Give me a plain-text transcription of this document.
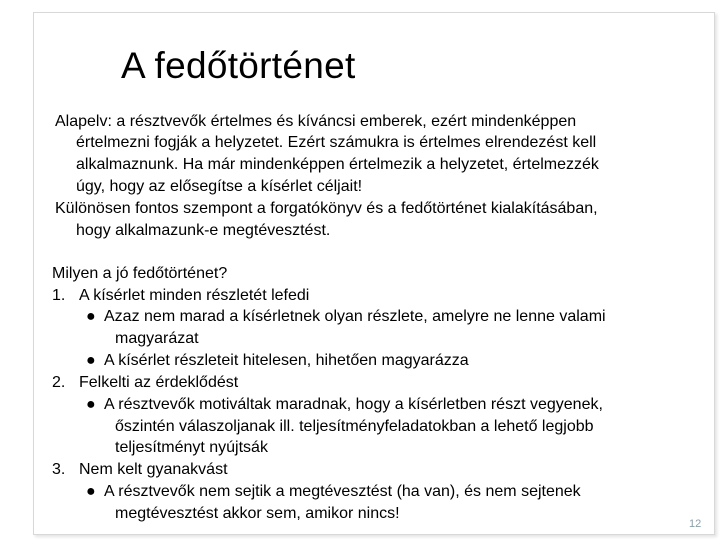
A fedőtörténet
Alapelv: a résztvevők értelmes és kíváncsi emberek, ezért mindenképpen
értelmezni fogják a helyzetet. Ezért számukra is értelmes elrendezést kell
alkalmaznunk. Ha már mindenképpen értelmezik a helyzetet, értelmezzék
úgy, hogy az elősegítse a kísérlet céljait!
Különösen fontos szempont a forgatókönyv és a fedőtörténet kialakításában,
hogy alkalmazunk-e megtévesztést.
Milyen a jó fedőtörténet?
1. A kísérlet minden részletét lefedi
● Azaz nem marad a kísérletnek olyan részlete, amelyre ne lenne valami
magyarázat
● A kísérlet részleteit hitelesen, hihetően magyarázza
2. Felkelti az érdeklődést
● A résztvevők motiváltak maradnak, hogy a kísérletben részt vegyenek,
őszintén válaszoljanak ill. teljesítményfeladatokban a lehető legjobb
teljesítményt nyújtsák
3. Nem kelt gyanakvást
● A résztvevők nem sejtik a megtévesztést (ha van), és nem sejtenek
megtévesztést akkor sem, amikor nincs!
12
